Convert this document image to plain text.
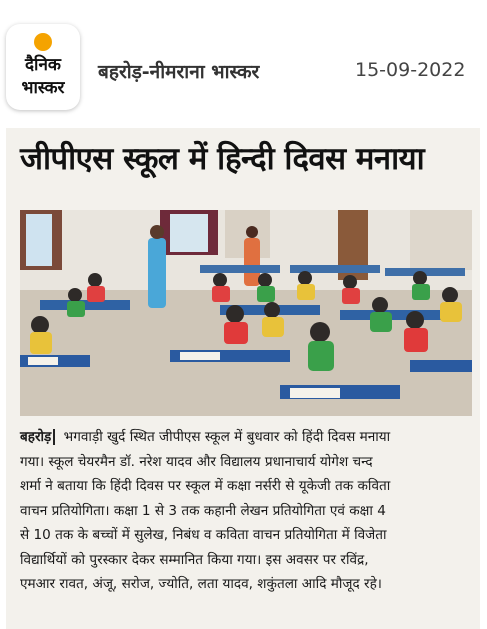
दैनिक
भास्कर
बहरोड़-नीमराना भास्कर	15-09-2022
जीपीएस स्कूल में हिन्दी दिवस मनाया

बहरोड़ भगवाड़ी खुर्द स्थित जीपीएस स्कूल में बुधवार को हिंदी दिवस मनाया

गया। स्कूल चेयरमैन डॉ. नरेश यादव और विद्यालय प्रधानाचार्य योगेश चन्द

शर्मा ने बताया कि हिंदी दिवस पर स्कूल में कक्षा नर्सरी से यूकेजी तक कविता

वाचन प्रतियोगिता। कक्षा 1 से 3 तक कहानी लेखन प्रतियोगिता एवं कक्षा 4

से 10 तक के बच्चों में सुलेख, निबंध व कविता वाचन प्रतियोगिता में विजेता

विद्यार्थियों को पुरस्कार देकर सम्मानित किया गया। इस अवसर पर रविंद्र,

एमआर रावत, अंजू, सरोज, ज्योति, लता यादव, शकुंतला आदि मौजूद रहे।
